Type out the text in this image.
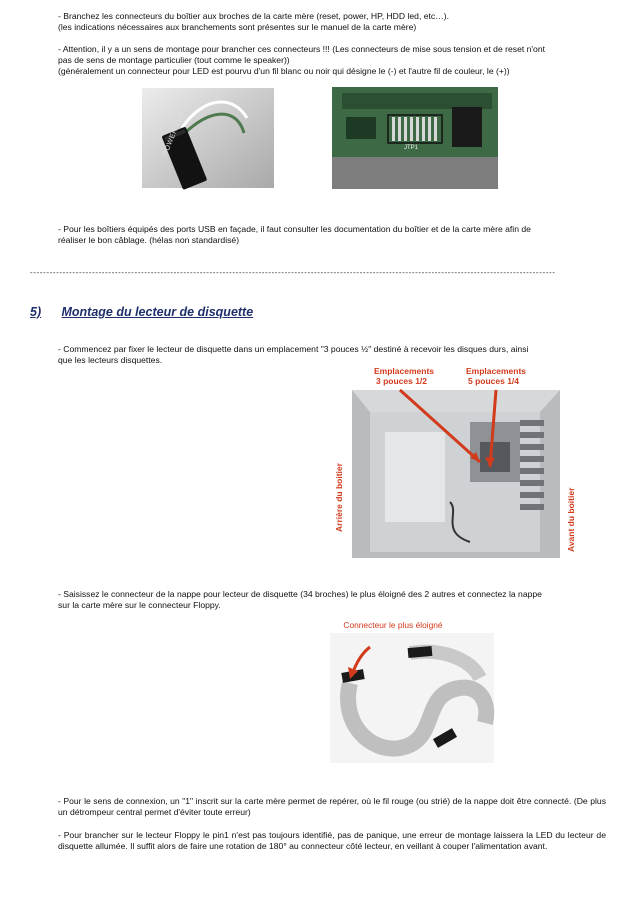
- Branchez les connecteurs du boîtier aux broches de la carte mère (reset, power, HP, HDD led, etc…).

(les indications nécessaires aux branchements sont présentes sur le manuel de la carte mère)

- Attention, il y a un sens de montage pour brancher ces connecteurs !!! (Les connecteurs de mise sous tension et de reset n'ont

pas de sens de montage particulier (tout comme le speaker))

(généralement un connecteur pour LED est pourvu d'un fil blanc ou noir qui désigne le (-) et l'autre fil de couleur, le (+))

POWER LED	JTP1

- Pour les boîtiers équipés des ports USB en façade, il faut consulter les documentation du boîtier et de la carte mère afin de

réaliser le bon câblage. (hélas non standardisé)

-----------------------------------------------------------------------------------------------------------------------------------------------------------------
5) Montage du lecteur de disquette

- Commencez par fixer le lecteur de disquette dans un emplacement "3 pouces ½" destiné à recevoir les disques durs, ainsi

que les lecteurs disquettes.

Emplacements
3 pouces 1/2
Emplacements
5 pouces 1/4
Arrière du boitier	Avant du boitier

- Saisissez le connecteur de la nappe pour lecteur de disquette (34 broches) le plus éloigné des 2 autres et connectez la nappe

sur la carte mère sur le connecteur Floppy.

Connecteur le plus éloigné

- Pour le sens de connexion, un "1" inscrit sur la carte mère permet de repérer, où le fil rouge (ou strié) de la nappe doit être connecté. (De plus un détrompeur central permet d'éviter toute erreur)

- Pour brancher sur le lecteur Floppy le pin1 n'est pas toujours identifié, pas de panique, une erreur de montage laissera la LED du lecteur de disquette allumée. Il suffit alors de faire une rotation de 180° au connecteur côté lecteur, en veillant à couper l'alimentation avant.
